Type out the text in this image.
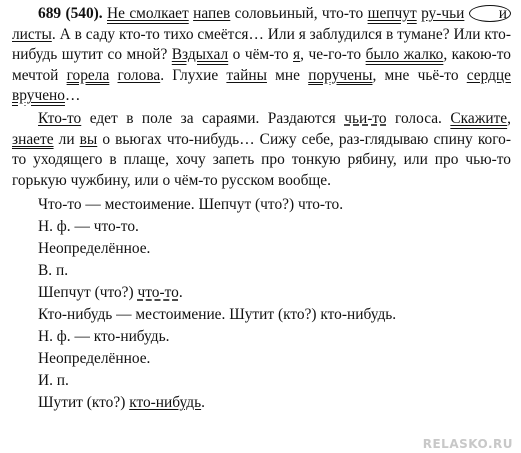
689 (540). Не смолкает напев соловьиный, что-то шепчут ру-чьи и листы. А в саду кто-то тихо смеётся… Или я заблудился в тумане? Или кто-нибудь шутит со мной? Вздыхал о чём-то я, че-го-то было жалко, какою-то мечтой горела голова. Глухие тайны мне поручены, мне чьё-то сердце вручено…

Кто-то едет в поле за сараями. Раздаются чьи-то голоса. Скажите, знаете ли вы о вьюгах что-нибудь… Сижу себе, раз-глядываю спину кого-то уходящего в плаще, хочу запеть про тонкую рябину, или про чью-то горькую чужбину, или о чём-то русском вообще.

Что-то — местоимение. Шепчут (что?) что-то.
Н. ф. — что-то.
Неопределённое.
В. п.
Шепчут (что?) что-то.
Кто-нибудь — местоимение. Шутит (кто?) кто-нибудь.
Н. ф. — кто-нибудь.
Неопределённое.
И. п.
Шутит (кто?) кто-нибудь.
RELASKO.RU
